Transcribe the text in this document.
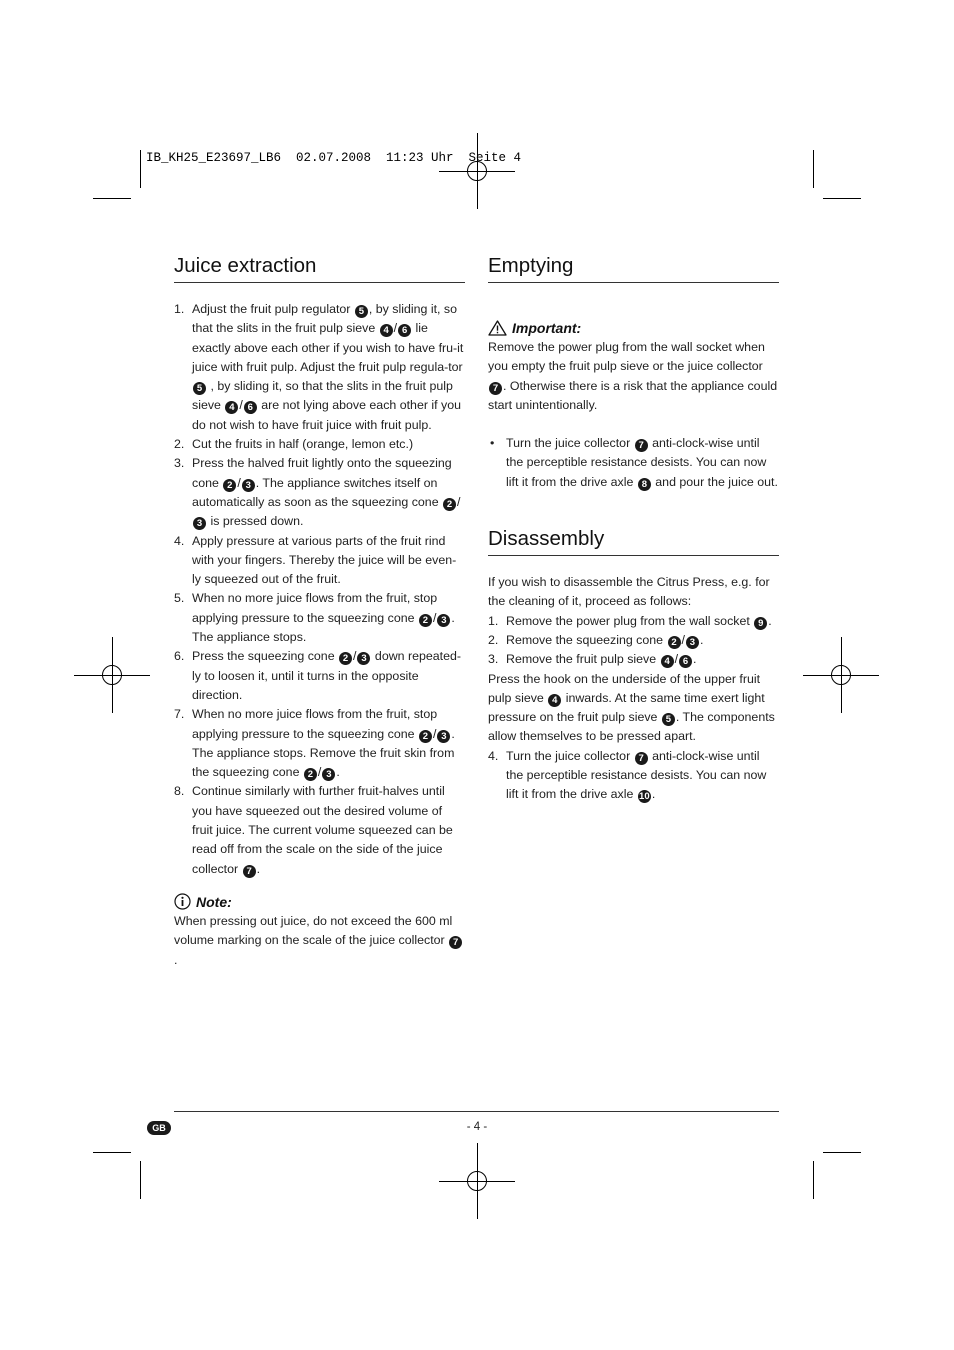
IB_KH25_E23697_LB6  02.07.2008  11:23 Uhr  Seite 4
Juice extraction
1. Adjust the fruit pulp regulator 5 , by sliding it, so that the slits in the fruit pulp sieve 4 / 6 lie exactly above each other if you wish to have fru-it juice with fruit pulp. Adjust the fruit pulp regula-tor 5 , by sliding it, so that the slits in the fruit pulp sieve 4 / 6 are not lying above each other if you do not wish to have fruit juice with fruit pulp.
2. Cut the fruits in half (orange, lemon etc.)
3. Press the halved fruit lightly onto the squeezing cone 2 / 3 . The appliance switches itself on automatically as soon as the squeezing cone 2 /3 is pressed down.
4. Apply pressure at various parts of the fruit rind with your fingers. Thereby the juice will be even-ly squeezed out of the fruit.
5. When no more juice flows from the fruit, stop applying pressure to the squeezing cone 2 / 3 . The appliance stops.
6. Press the squeezing cone 2 / 3 down repeated-ly to loosen it, until it turns in the opposite direction.
7. When no more juice flows from the fruit, stop applying pressure to the squeezing cone 2 / 3 . The appliance stops. Remove the fruit skin from the squeezing cone 2 / 3 .
8. Continue similarly with further fruit-halves until you have squeezed out the desired volume of fruit juice. The current volume squeezed can be read off from the scale on the side of the juice collector 7 .
Note:
When pressing out juice, do not exceed the 600 ml volume marking on the scale of the juice collector 7.
Emptying
Important:
Remove the power plug from the wall socket when you empty the fruit pulp sieve or the juice collector 7 . Otherwise there is a risk that the appliance could start unintentionally.
• Turn the juice collector 7 anti-clock-wise until the perceptible resistance desists. You can now lift it from the drive axle 8 and pour the juice out.
Disassembly
If you wish to disassemble the Citrus Press, e.g. for the cleaning of it, proceed as follows:
1. Remove the power plug from the wall socket 9 .
2. Remove the squeezing cone 2 / 3 .
3. Remove the fruit pulp sieve 4 / 6 .
Press the hook on the underside of the upper fruit pulp sieve 4 inwards. At the same time exert light pressure on the fruit pulp sieve 5 . The components allow themselves to be pressed apart.
4. Turn the juice collector 7 anti-clock-wise until the perceptible resistance desists. You can now lift it from the drive axle 10 .
GB	- 4 -
